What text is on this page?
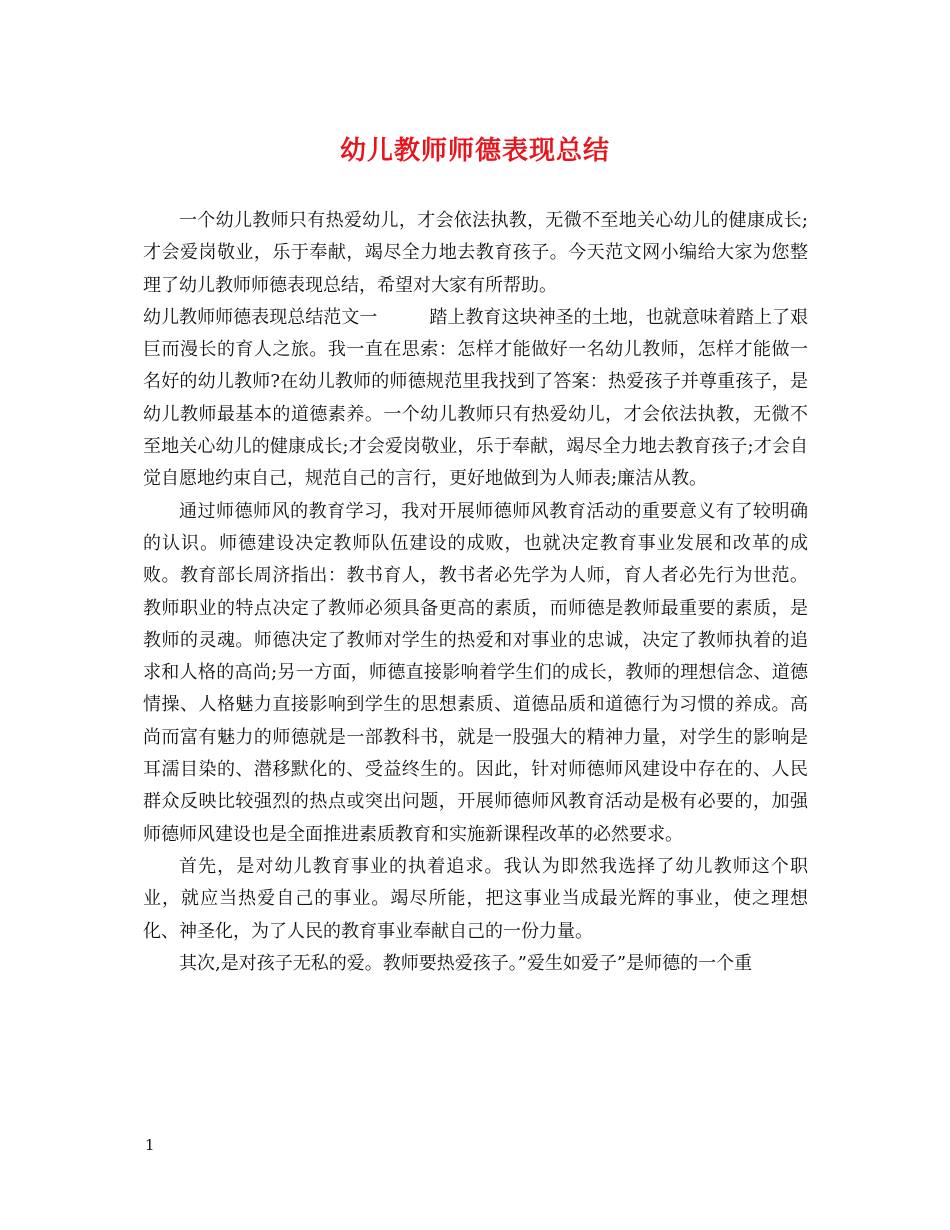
幼儿教师师德表现总结

一个幼儿教师只有热爱幼儿，才会依法执教，无微不至地关心幼儿的健康成长;才会爱岗敬业，乐于奉献，竭尽全力地去教育孩子。今天范文网小编给大家为您整理了幼儿教师师德表现总结，希望对大家有所帮助。

幼儿教师师德表现总结范文一	踏上教育这块神圣的土地，也就意味着踏上了艰巨而漫长的育人之旅。我一直在思索：怎样才能做好一名幼儿教师，怎样才能做一名好的幼儿教师?在幼儿教师的师德规范里我找到了答案：热爱孩子并尊重孩子，是幼儿教师最基本的道德素养。一个幼儿教师只有热爱幼儿，才会依法执教，无微不至地关心幼儿的健康成长;才会爱岗敬业，乐于奉献，竭尽全力地去教育孩子;才会自觉自愿地约束自己，规范自己的言行，更好地做到为人师表;廉洁从教。

通过师德师风的教育学习，我对开展师德师风教育活动的重要意义有了较明确的认识。师德建设决定教师队伍建设的成败，也就决定教育事业发展和改革的成败。教育部长周济指出：教书育人，教书者必先学为人师，育人者必先行为世范。教师职业的特点决定了教师必须具备更高的素质，而师德是教师最重要的素质，是教师的灵魂。师德决定了教师对学生的热爱和对事业的忠诚，决定了教师执着的追求和人格的高尚;另一方面，师德直接影响着学生们的成长，教师的理想信念、道德情操、人格魅力直接影响到学生的思想素质、道德品质和道德行为习惯的养成。高尚而富有魅力的师德就是一部教科书，就是一股强大的精神力量，对学生的影响是耳濡目染的、潜移默化的、受益终生的。因此，针对师德师风建设中存在的、人民群众反映比较强烈的热点或突出问题，开展师德师风教育活动是极有必要的，加强师德师风建设也是全面推进素质教育和实施新课程改革的必然要求。

首先，是对幼儿教育事业的执着追求。我认为即然我选择了幼儿教师这个职业，就应当热爱自己的事业。竭尽所能，把这事业当成最光辉的事业，使之理想化、神圣化，为了人民的教育事业奉献自己的一份力量。

其次,是对孩子无私的爱。教师要热爱孩子。”爱生如爱子”是师德的一个重

1
